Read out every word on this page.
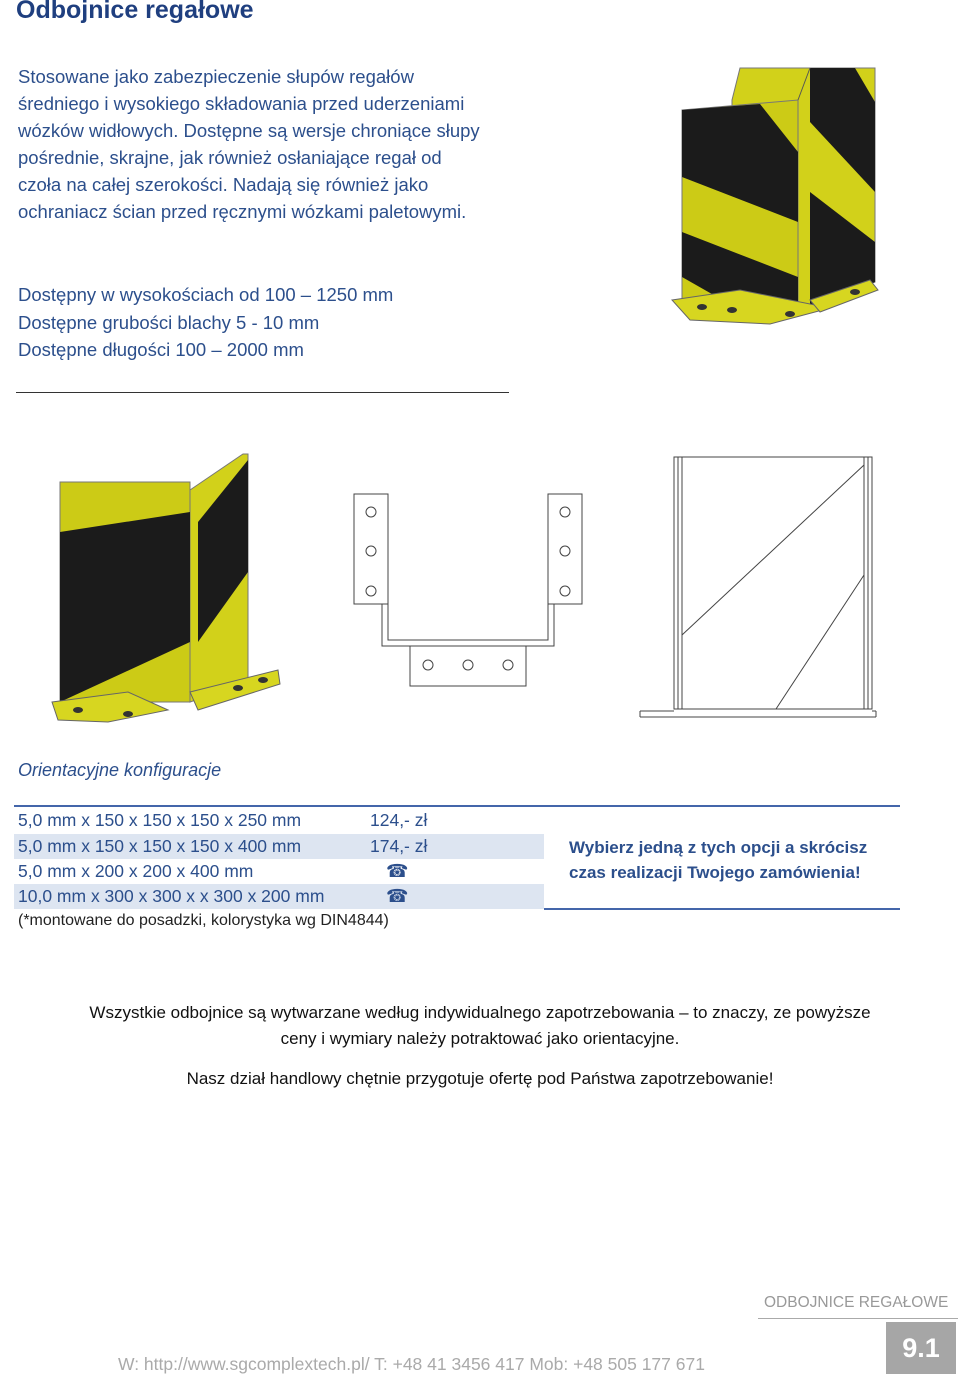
Odbojnice regałowe
Stosowane jako zabezpieczenie słupów regałów średniego i wysokiego składowania przed uderzeniami wózków widłowych. Dostępne są wersje chroniące słupy pośrednie, skrajne, jak również osłaniające regał od czoła na całej szerokości. Nadają się również jako ochraniacz ścian przed ręcznymi wózkami paletowymi.
Dostępny w wysokościach od 100 – 1250 mm
Dostępne grubości blachy 5 - 10 mm
Dostępne długości 100 – 2000 mm
Orientacyjne konfiguracje
5,0 mm x 150 x 150 x 150 x 250 mm	124,- zł
5,0 mm x 150 x 150 x 150 x 400 mm	174,- zł
5,0 mm x 200 x 200 x 400 mm	☎
10,0 mm x 300 x 300 x x 300 x 200 mm	☎
(*montowane do posadzki, kolorystyka wg DIN4844)
Wybierz jedną z tych opcji a skrócisz
czas realizacji Twojego zamówienia!
Wszystkie odbojnice są wytwarzane według indywidualnego zapotrzebowania – to znaczy, ze powyższe
ceny i wymiary należy potraktować jako orientacyjne.
Nasz dział handlowy chętnie przygotuje ofertę pod Państwa zapotrzebowanie!
ODBOJNICE REGAŁOWE
W: http://www.sgcomplextech.pl/ T: +48 41 3456 417 Mob: +48 505 177 671
9.1
